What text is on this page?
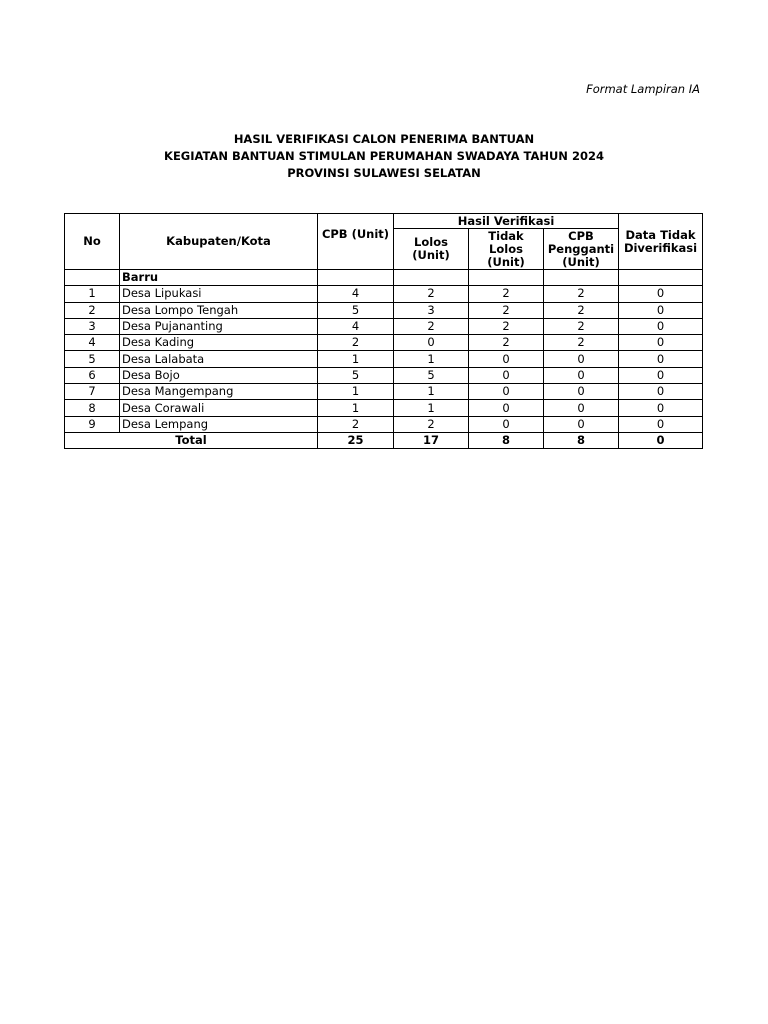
Format Lampiran IA
HASIL VERIFIKASI CALON PENERIMA BANTUAN
KEGIATAN BANTUAN STIMULAN PERUMAHAN SWADAYA TAHUN 2024
PROVINSI SULAWESI SELATAN
No	Kabupaten/Kota	CPB (Unit)	Hasil Verifikasi			Data Tidak Diverifikasi
			Lolos (Unit)	Tidak Lolos (Unit)	CPB Pengganti (Unit)	
	Barru					
1	Desa Lipukasi	4	2	2	2	0
2	Desa Lompo Tengah	5	3	2	2	0
3	Desa Pujananting	4	2	2	2	0
4	Desa Kading	2	0	2	2	0
5	Desa Lalabata	1	1	0	0	0
6	Desa Bojo	5	5	0	0	0
7	Desa Mangempang	1	1	0	0	0
8	Desa Corawali	1	1	0	0	0
9	Desa Lempang	2	2	0	0	0
Total		25	17	8	8	0
